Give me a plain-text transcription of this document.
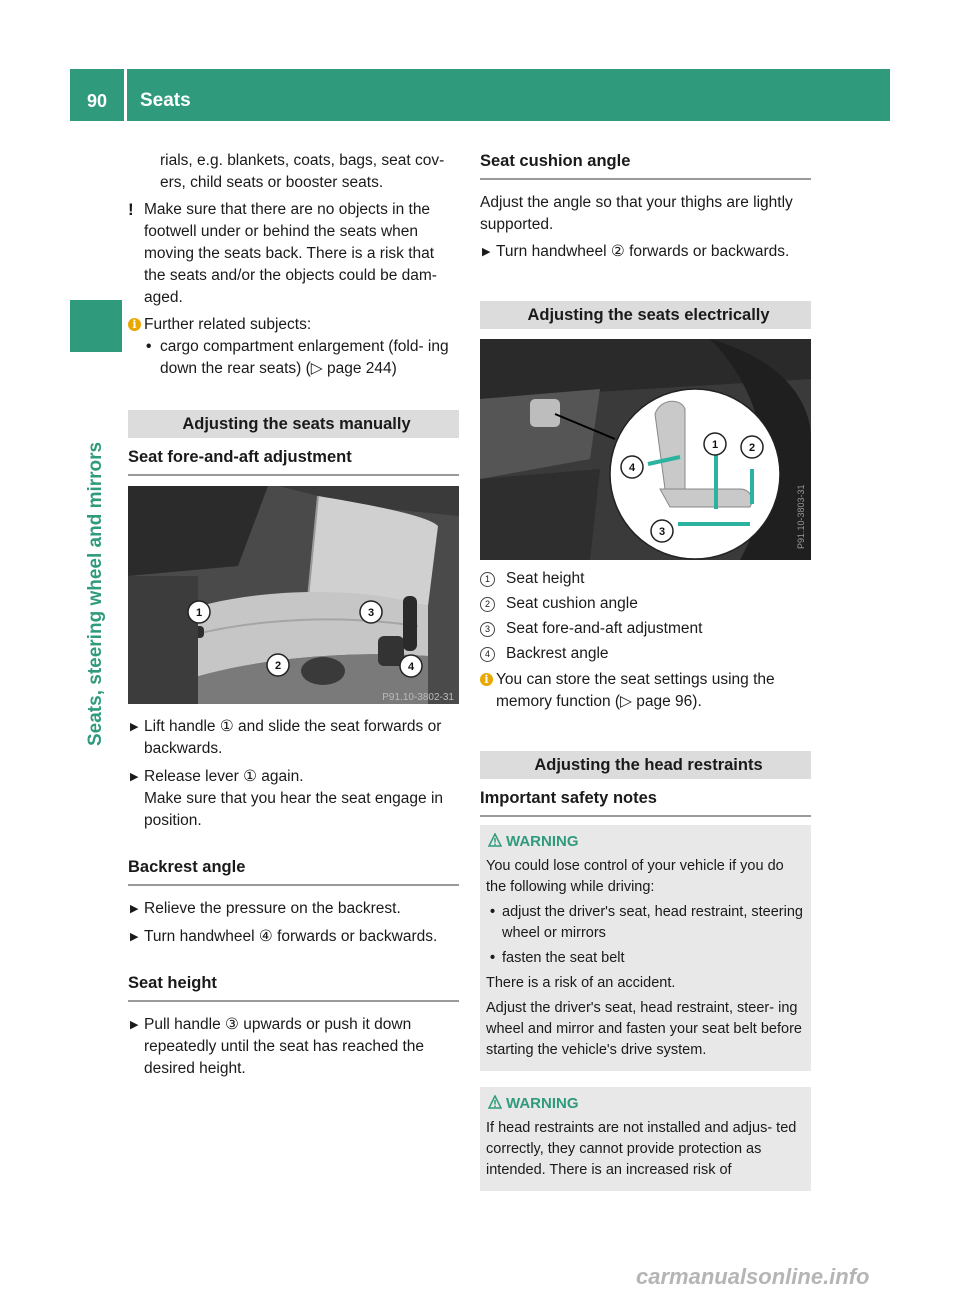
90	Seats
Seats, steering wheel and mirrors

rials, e.g. blankets, coats, bags, seat cov- ers, child seats or booster seats.

! Make sure that there are no objects in the footwell under or behind the seats when moving the seats back. There is a risk that the seats and/or the objects could be dam- aged.
i Further related subjects:
• cargo compartment enlargement (fold- ing down the rear seats) (▷ page 244)

Adjusting the seats manually

Seat fore-and-aft adjustment

1
2
3
4
P91.10-3802-31
▶ Lift handle ① and slide the seat forwards or backwards.
▶ Release lever ① again.

Make sure that you hear the seat engage in position.

Backrest angle

▶ Relieve the pressure on the backrest.
▶ Turn handwheel ④ forwards or backwards.

Seat height

▶ Pull handle ③ upwards or push it down repeatedly until the seat has reached the desired height.

Seat cushion angle

Adjust the angle so that your thighs are lightly supported.

▶ Turn handwheel ② forwards or backwards.

Adjusting the seats electrically

1	2
3
4
P91.10-3803-31
1	Seat height
2	Seat cushion angle
3	Seat fore-and-aft adjustment
4	Backrest angle
i You can store the seat settings using the memory function (▷ page 96).

Adjusting the head restraints

Important safety notes

WARNING

You could lose control of your vehicle if you do the following while driving:

• adjust the driver's seat, head restraint, steering wheel or mirrors
• fasten the seat belt

There is a risk of an accident.

Adjust the driver's seat, head restraint, steer- ing wheel and mirror and fasten your seat belt before starting the vehicle's drive system.

WARNING

If head restraints are not installed and adjus- ted correctly, they cannot provide protection as intended. There is an increased risk of

carmanualsonline.info
